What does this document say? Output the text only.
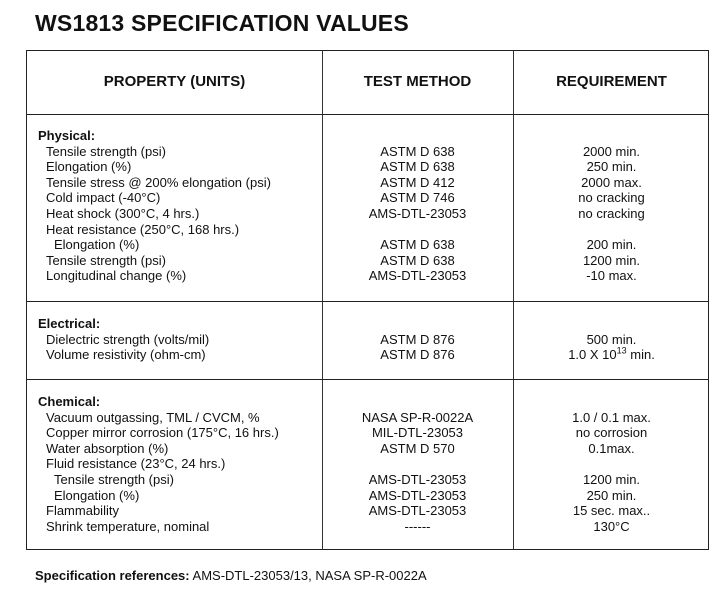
WS1813 SPECIFICATION VALUES
PROPERTY (UNITS)	TEST METHOD	REQUIREMENT
Physical:
Tensile strength (psi)	ASTM D 638	2000 min.
Elongation (%)	ASTM D 638	250 min.
Tensile stress @ 200% elongation (psi)	ASTM D 412	2000 max.
Cold impact (-40°C)	ASTM D 746	no cracking
Heat shock (300°C, 4 hrs.)	AMS-DTL-23053	no cracking
Heat resistance (250°C, 168 hrs.)
Elongation (%)	ASTM D 638	200 min.
Tensile strength (psi)	ASTM D 638	1200 min.
Longitudinal change (%)	AMS-DTL-23053	-10 max.
Electrical:
Dielectric strength (volts/mil)	ASTM D 876	500 min.
Volume resistivity (ohm-cm)	ASTM D 876	1.0 X $10^{13}$ min.
Chemical:
Vacuum outgassing, TML / CVCM, %	NASA SP-R-0022A	1.0 / 0.1 max.
Copper mirror corrosion (175°C, 16 hrs.)	MIL-DTL-23053	no corrosion
Water absorption (%)	ASTM D 570	0.1max.
Fluid resistance (23°C, 24 hrs.)
Tensile strength (psi)	AMS-DTL-23053	1200 min.
Elongation (%)	AMS-DTL-23053	250 min.
Flammability	AMS-DTL-23053	15 sec. max..
Shrink temperature, nominal	------	130°C
Specification references: AMS-DTL-23053/13, NASA SP-R-0022A
